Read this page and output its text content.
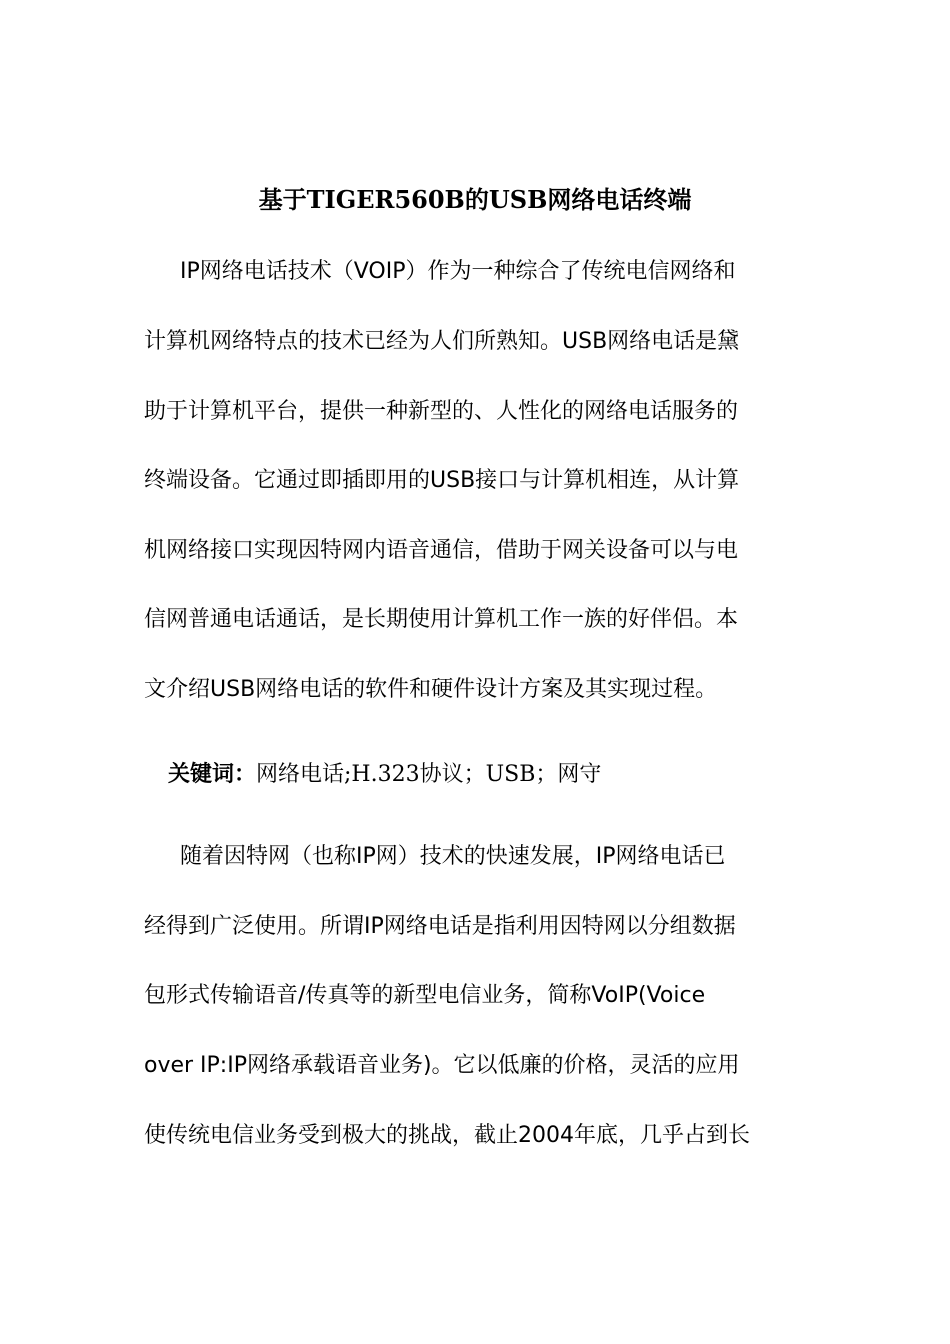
基于TIGER560B的USB网络电话终端
IP网络电话技术（VOIP）作为一种综合了传统电信网络和
计算机网络特点的技术已经为人们所熟知。USB网络电话是黛
助于计算机平台，提供一种新型的、人性化的网络电话服务的
终端设备。它通过即插即用的USB接口与计算机相连，从计算
机网络接口实现因特网内语音通信，借助于网关设备可以与电
信网普通电话通话，是长期使用计算机工作一族的好伴侣。本
文介绍USB网络电话的软件和硬件设计方案及其实现过程。
关键词：网络电话;H.323协议；USB；网守
随着因特网（也称IP网）技术的快速发展，IP网络电话已
经得到广泛使用。所谓IP网络电话是指利用因特网以分组数据
包形式传输语音/传真等的新型电信业务，简称VoIP(Voice
over IP:IP网络承载语音业务)。它以低廉的价格，灵活的应用
使传统电信业务受到极大的挑战，截止2004年底，几乎占到长
